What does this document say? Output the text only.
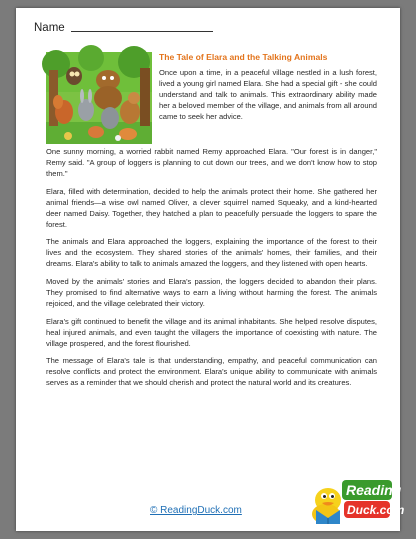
Name
The Tale of Elara and the Talking Animals

Once upon a time, in a peaceful village nestled in a lush forest, lived a young girl named Elara. She had a special gift - she could understand and talk to animals. This extraordinary ability made her a beloved member of the village, and animals from all around came to seek her advice.

One sunny morning, a worried rabbit named Remy approached Elara. "Our forest is in danger," Remy said. "A group of loggers is planning to cut down our trees, and we don't know how to stop them."

Elara, filled with determination, decided to help the animals protect their home. She gathered her animal friends—a wise owl named Oliver, a clever squirrel named Squeaky, and a kind-hearted deer named Daisy. Together, they hatched a plan to peacefully persuade the loggers to spare the forest.

The animals and Elara approached the loggers, explaining the importance of the forest to their lives and the ecosystem. They shared stories of the animals' homes, their families, and their dreams. Elara's ability to talk to animals amazed the loggers, and they listened with open hearts.

Moved by the animals' stories and Elara's passion, the loggers decided to abandon their plans. They promised to find alternative ways to earn a living without harming the forest. The animals rejoiced, and the village celebrated their victory.

Elara's gift continued to benefit the village and its animal inhabitants. She helped resolve disputes, heal injured animals, and even taught the villagers the importance of coexisting with nature. The village prospered, and the forest flourished.

The message of Elara's tale is that understanding, empathy, and peaceful communication can resolve conflicts and protect the environment. Elara's unique ability to communicate with animals serves as a reminder that we should cherish and protect the natural world and its creatures.

© ReadingDuck.com
Reading
Duck.com
